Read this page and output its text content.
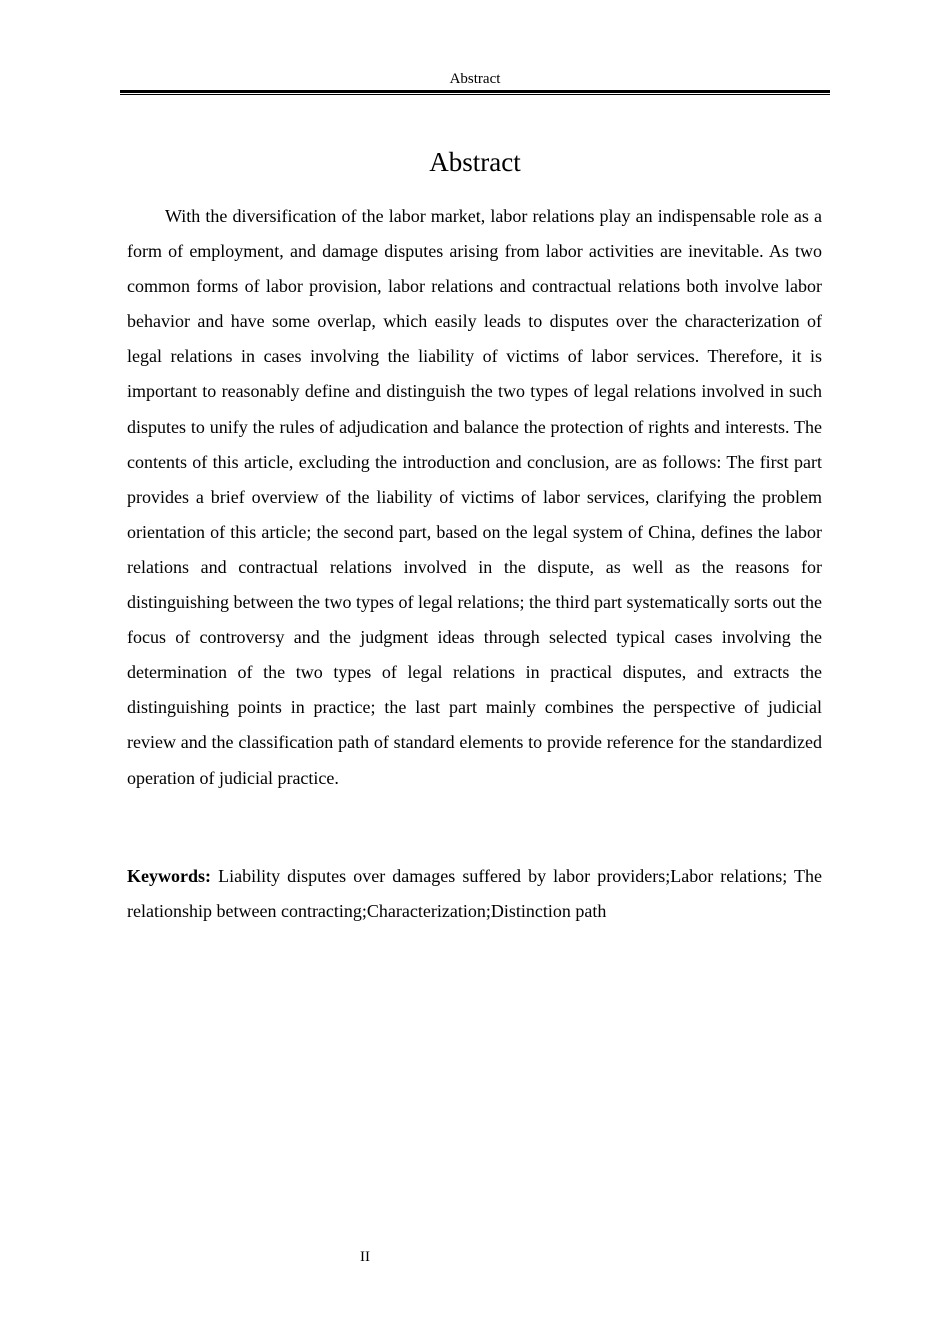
Abstract
Abstract

With the diversification of the labor market, labor relations play an indispensable role as a form of employment, and damage disputes arising from labor activities are inevitable. As two common forms of labor provision, labor relations and contractual relations both involve labor behavior and have some overlap, which easily leads to disputes over the characterization of legal relations in cases involving the liability of victims of labor services. Therefore, it is important to reasonably define and distinguish the two types of legal relations involved in such disputes to unify the rules of adjudication and balance the protection of rights and interests. The contents of this article, excluding the introduction and conclusion, are as follows: The first part provides a brief overview of the liability of victims of labor services, clarifying the problem orientation of this article; the second part, based on the legal system of China, defines the labor relations and contractual relations involved in the dispute, as well as the reasons for distinguishing between the two types of legal relations; the third part systematically sorts out the focus of controversy and the judgment ideas through selected typical cases involving the determination of the two types of legal relations in practical disputes, and extracts the distinguishing points in practice; the last part mainly combines the perspective of judicial review and the classification path of standard elements to provide reference for the standardized operation of judicial practice.

Keywords: Liability disputes over damages suffered by labor providers;Labor relations; The relationship between contracting;Characterization;Distinction path

II
